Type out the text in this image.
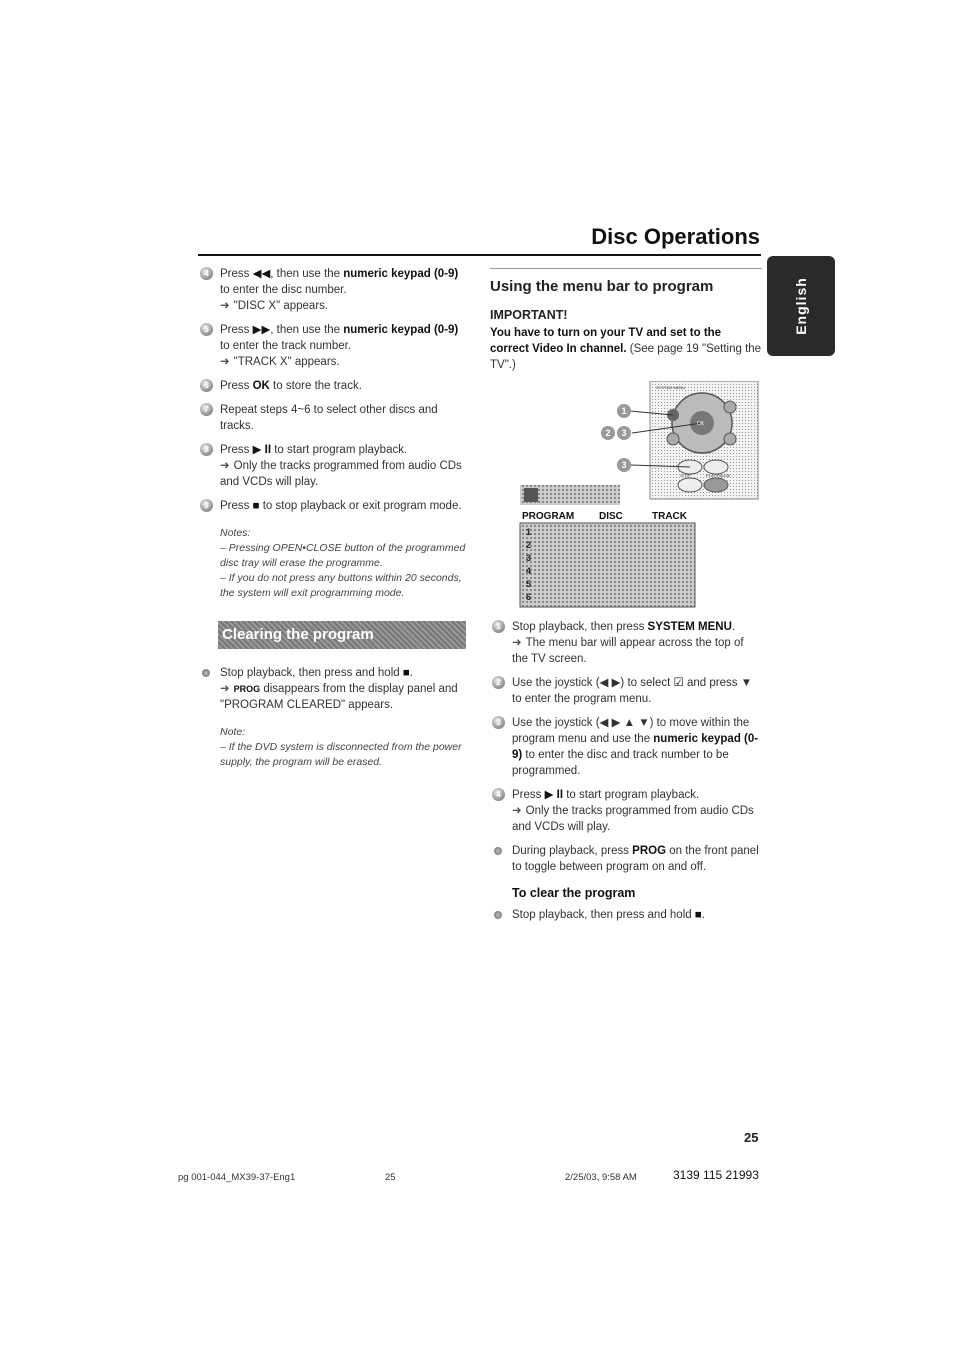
Disc Operations
English
4 Press ◀◀, then use the numeric keypad (0-9) to enter the disc number.
➜ "DISC X" appears.
5 Press ▶▶, then use the numeric keypad (0-9) to enter the track number.
➜ "TRACK X" appears.
6 Press OK to store the track.
7 Repeat steps 4~6 to select other discs and tracks.
8 Press ▶ II to start program playback.
➜ Only the tracks programmed from audio CDs and VCDs will play.
9 Press ■ to stop playback or exit program mode.
Notes:
– Pressing OPEN•CLOSE button of the programmed disc tray will erase the programme.
– If you do not press any buttons within 20 seconds, the system will exit programming mode.
Clearing the program
Stop playback, then press and hold ■.
➜ PROG disappears from the display panel and "PROGRAM CLEARED" appears.
Note:
– If the DVD system is disconnected from the power supply, the program will be erased.
Using the menu bar to program
IMPORTANT!
You have to turn on your TV and set to the correct Video In channel. (See page 19 "Setting the TV".)
1
2 3
3
SYSTEM MENU
OK
STOP	PLAY/PAUSE
PROGRAM DISC	TRACK
1
2
3
4
5
6
1 Stop playback, then press SYSTEM MENU.
➜ The menu bar will appear across the top of the TV screen.
2 Use the joystick (◀ ▶) to select ☑ and press ▼ to enter the program menu.
3 Use the joystick (◀ ▶ ▲ ▼) to move within the program menu and use the numeric keypad (0-9) to enter the disc and track number to be programmed.
4 Press ▶ II to start program playback.
➜ Only the tracks programmed from audio CDs and VCDs will play.
During playback, press PROG on the front panel to toggle between program on and off.
To clear the program
Stop playback, then press and hold ■.
25
pg 001-044_MX39-37-Eng1	25	2/25/03, 9:58 AM	3139 115 21993
